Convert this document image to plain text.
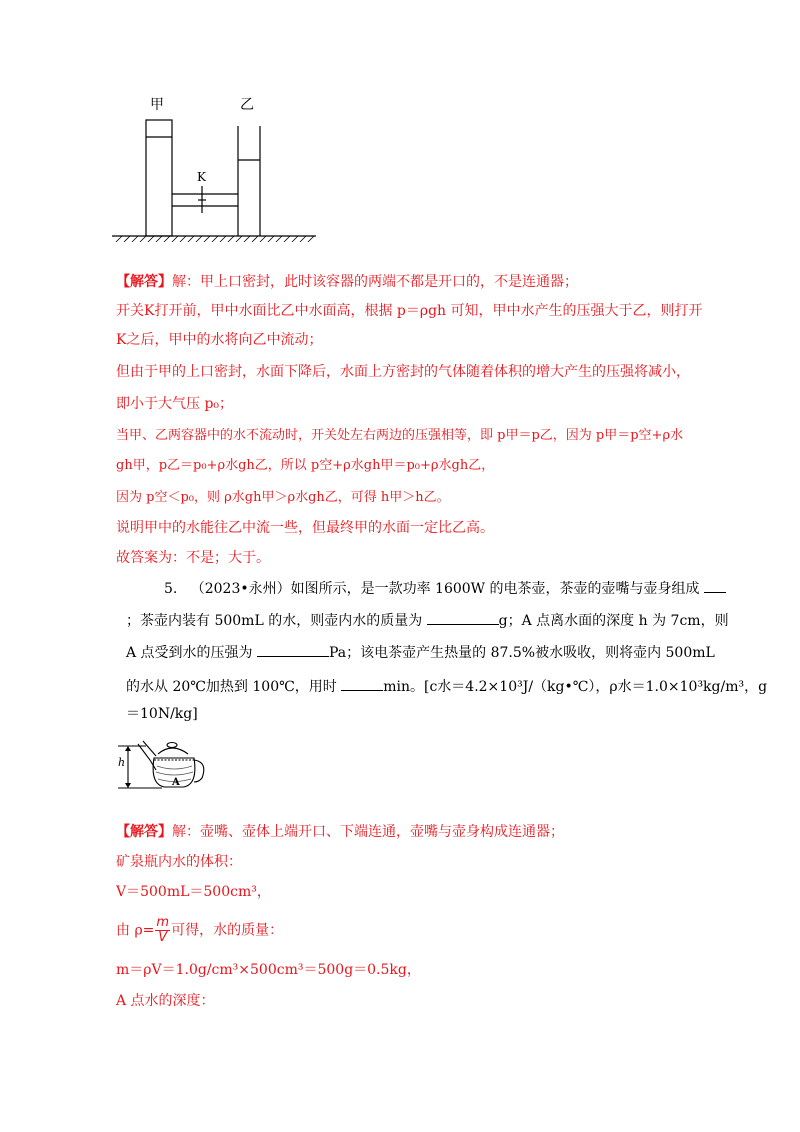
甲	乙
K
【解答】解：甲上口密封，此时该容器的两端不都是开口的，不是连通器；
开关K打开前，甲中水面比乙中水面高，根据 p＝ρgh 可知，甲中水产生的压强大于乙，则打开
K之后，甲中的水将向乙中流动；
但由于甲的上口密封，水面下降后，水面上方密封的气体随着体积的增大产生的压强将减小，
即小于大气压 p₀；
当甲、乙两容器中的水不流动时，开关处左右两边的压强相等，即 p甲＝p乙，因为 p甲＝p空+ρ水
gh甲，p乙＝p₀+ρ水gh乙，所以 p空+ρ水gh甲＝p₀+ρ水gh乙，
因为 p空＜p₀，则 ρ水gh甲＞ρ水gh乙，可得 h甲＞h乙。
说明甲中的水能往乙中流一些，但最终甲的水面一定比乙高。
故答案为：不是；大于。
5. （2023•永州）如图所示，是一款功率 1600W 的电茶壶，茶壶的壶嘴与壶身组成
；茶壶内装有 500mL 的水，则壶内水的质量为	g；A 点离水面的深度 h 为 7cm，则
A 点受到水的压强为	Pa；该电茶壶产生热量的 87.5%被水吸收，则将壶内 500mL
的水从 20℃加热到 100℃，用时	min。[c水＝4.2×10³J/（kg•℃），ρ水＝1.0×10³kg/m³，g
＝10N/kg]
h
A
【解答】解：壶嘴、壶体上端开口、下端连通，壶嘴与壶身构成连通器；
矿泉瓶内水的体积：
V＝500mL＝500cm³，
由 $\rho= \frac{m}{V}$ 可得，水的质量：
m＝ρV＝1.0g/cm³×500cm³＝500g＝0.5kg，
A 点水的深度：
